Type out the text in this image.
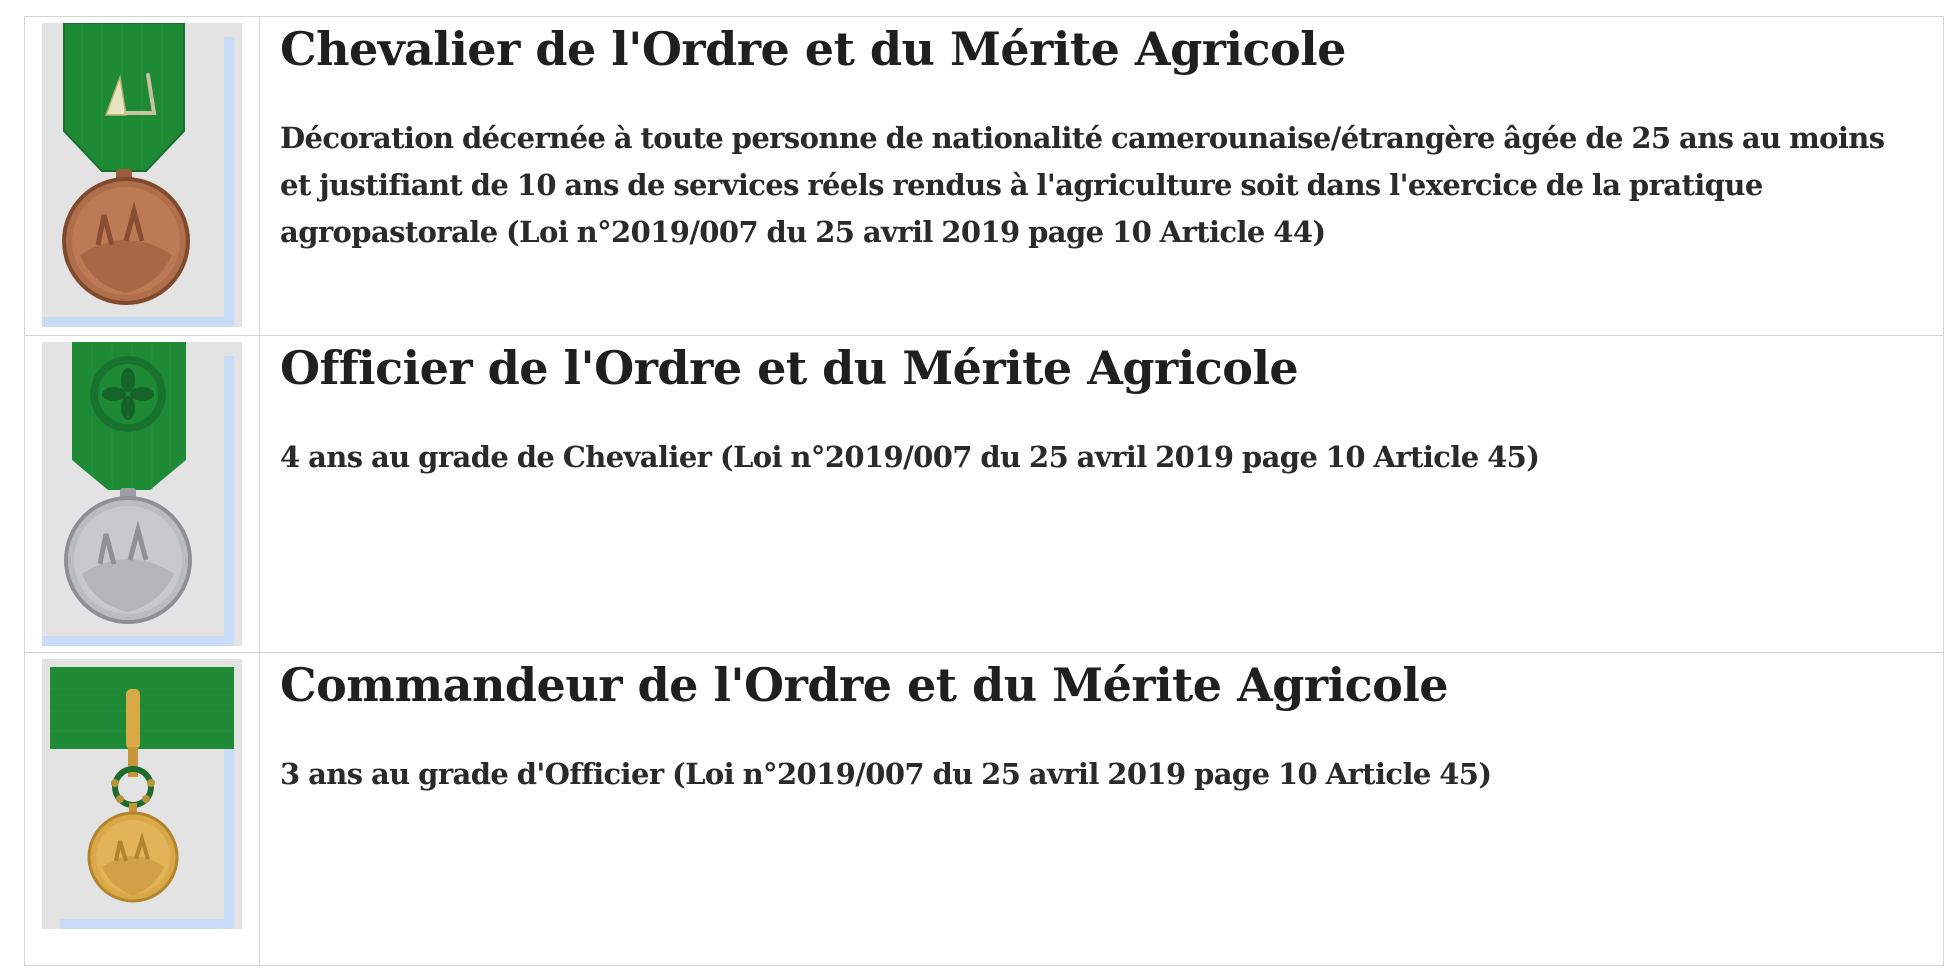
Chevalier de l'Ordre et du Mérite Agricole

Décoration décernée à toute personne de nationalité camerounaise/étrangère âgée de 25 ans au moins et justifiant de 10 ans de services réels rendus à l'agriculture soit dans l'exercice de la pratique agropastorale (Loi n°2019/007 du 25 avril 2019 page 10 Article 44)

Officier de l'Ordre et du Mérite Agricole

4 ans au grade de Chevalier (Loi n°2019/007 du 25 avril 2019 page 10 Article 45)

Commandeur de l'Ordre et du Mérite Agricole

3 ans au grade d'Officier (Loi n°2019/007 du 25 avril 2019 page 10 Article 45)
